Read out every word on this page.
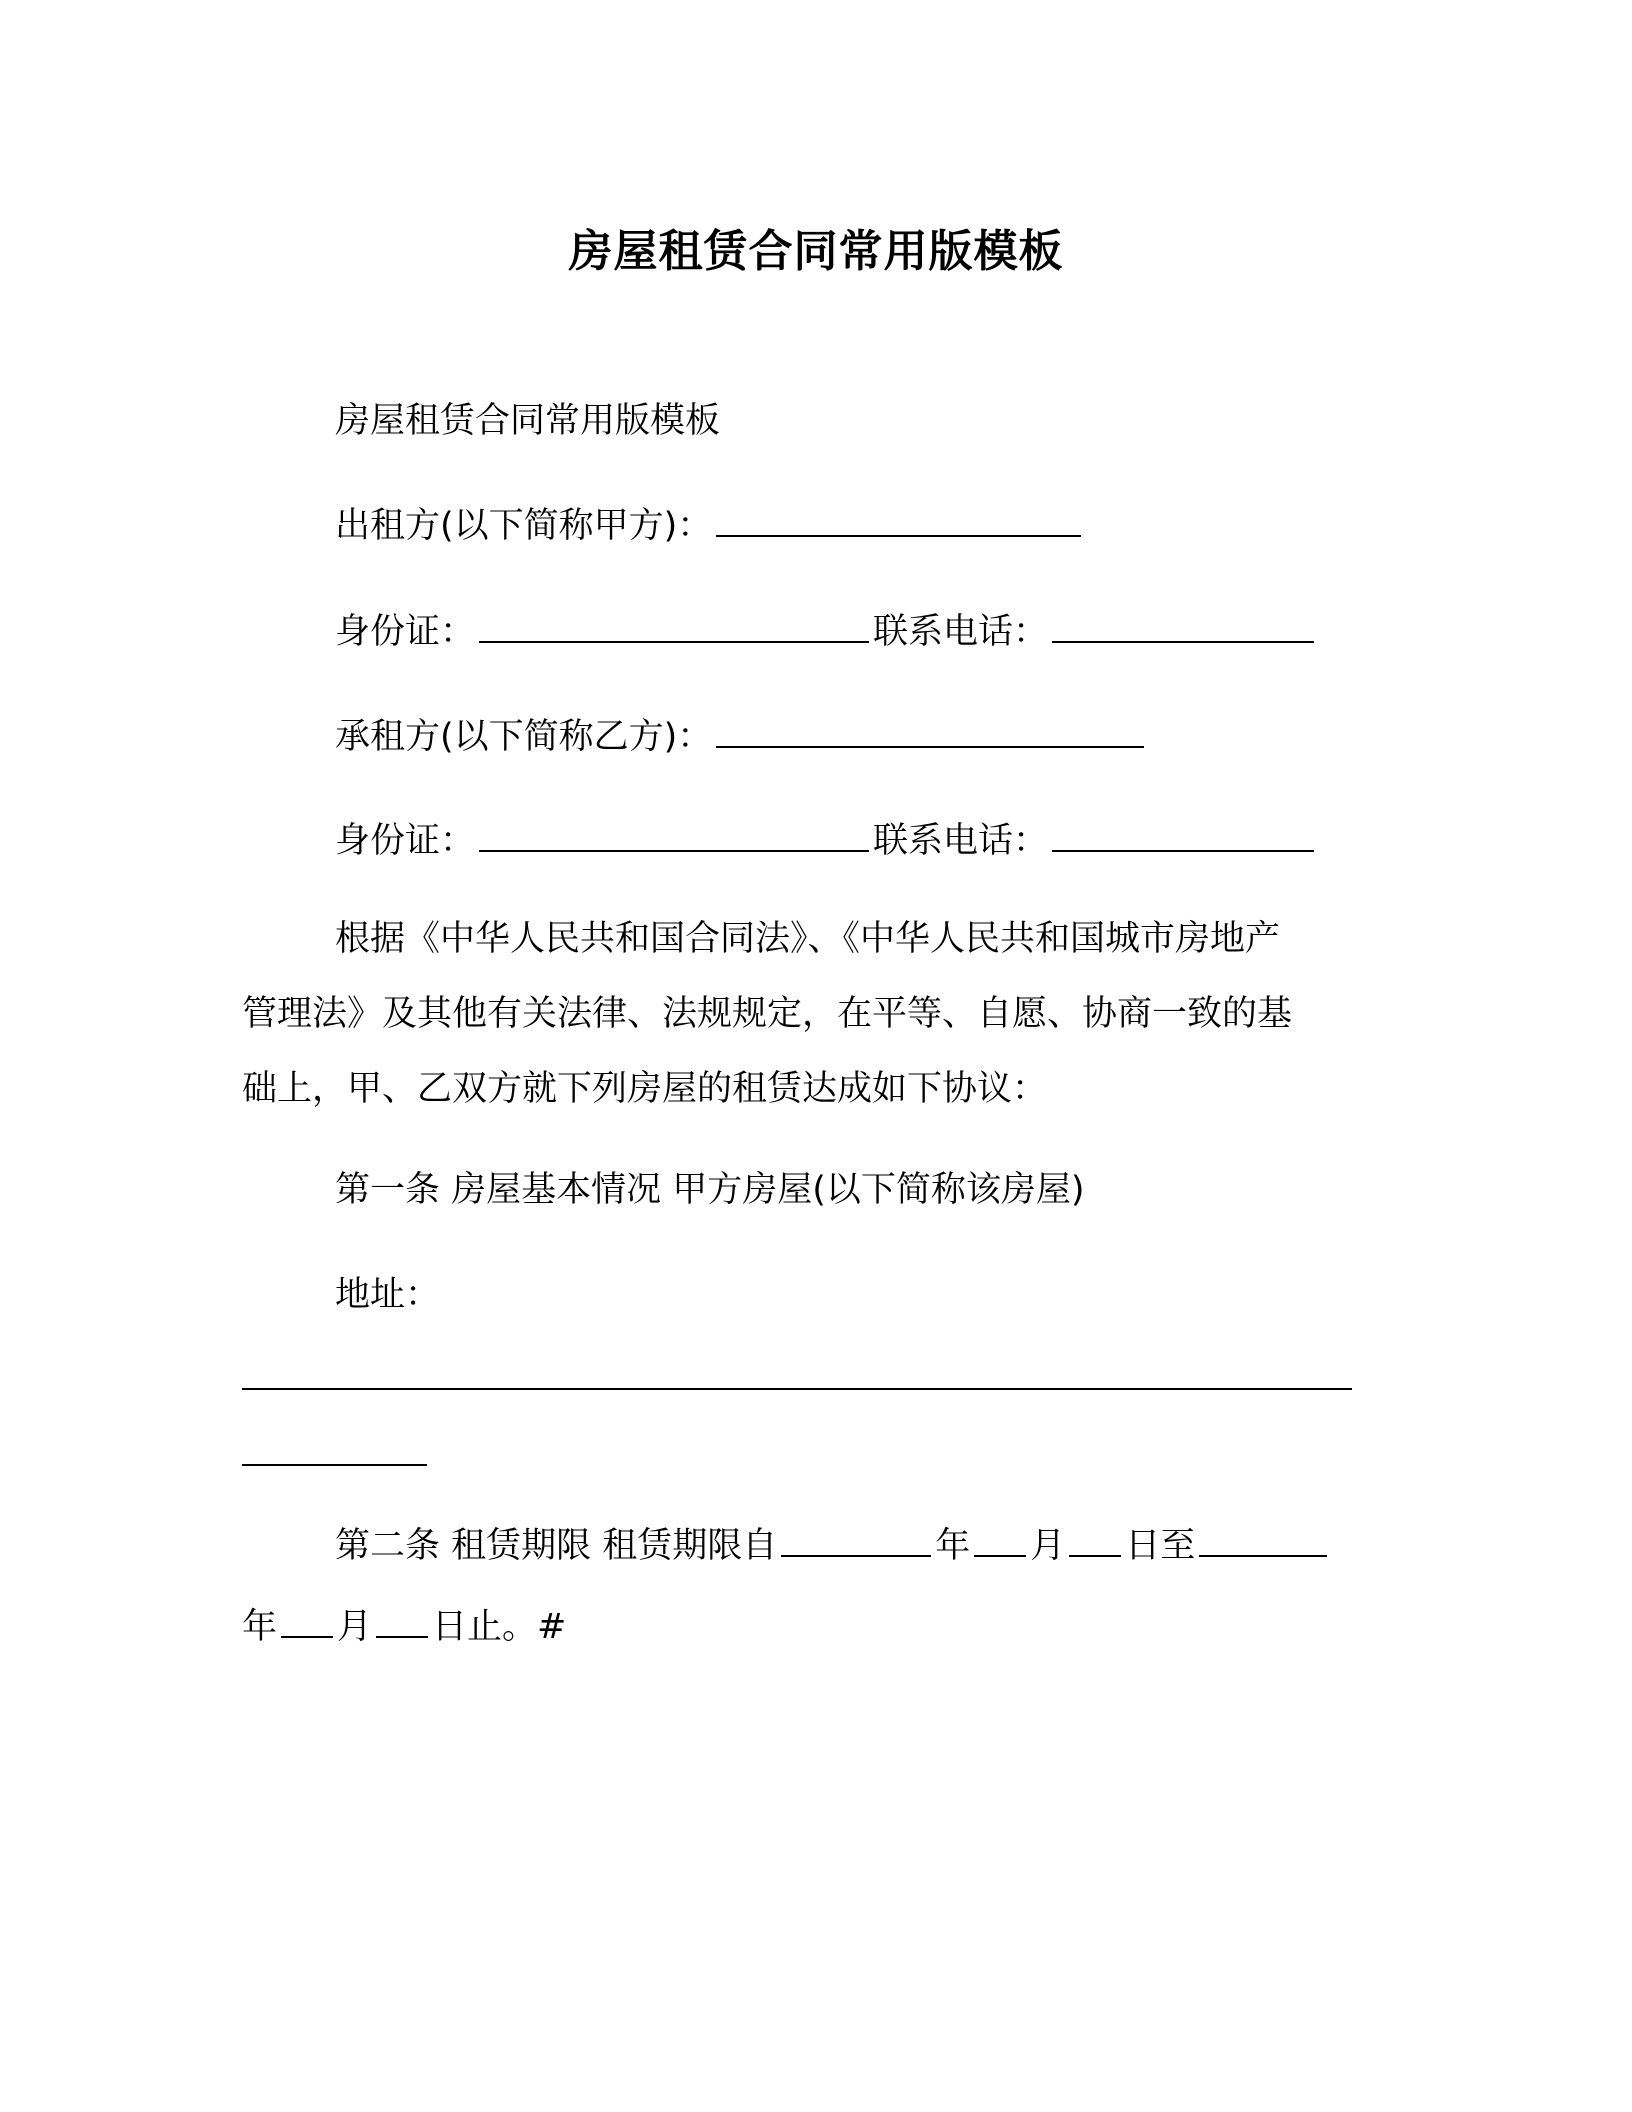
房屋租赁合同常用版模板
房屋租赁合同常用版模板
出租方(以下简称甲方)：
身份证：	联系电话：
承租方(以下简称乙方)：
身份证：	联系电话：
根据《中华人民共和国合同法》、《中华人民共和国城市房地产
管理法》及其他有关法律、法规规定，在平等、自愿、协商一致的基
础上，甲、乙双方就下列房屋的租赁达成如下协议：
第一条 房屋基本情况 甲方房屋(以下简称该房屋)
地址：
第二条 租赁期限 租赁期限自	年 月 日至
年 月 日止。#
